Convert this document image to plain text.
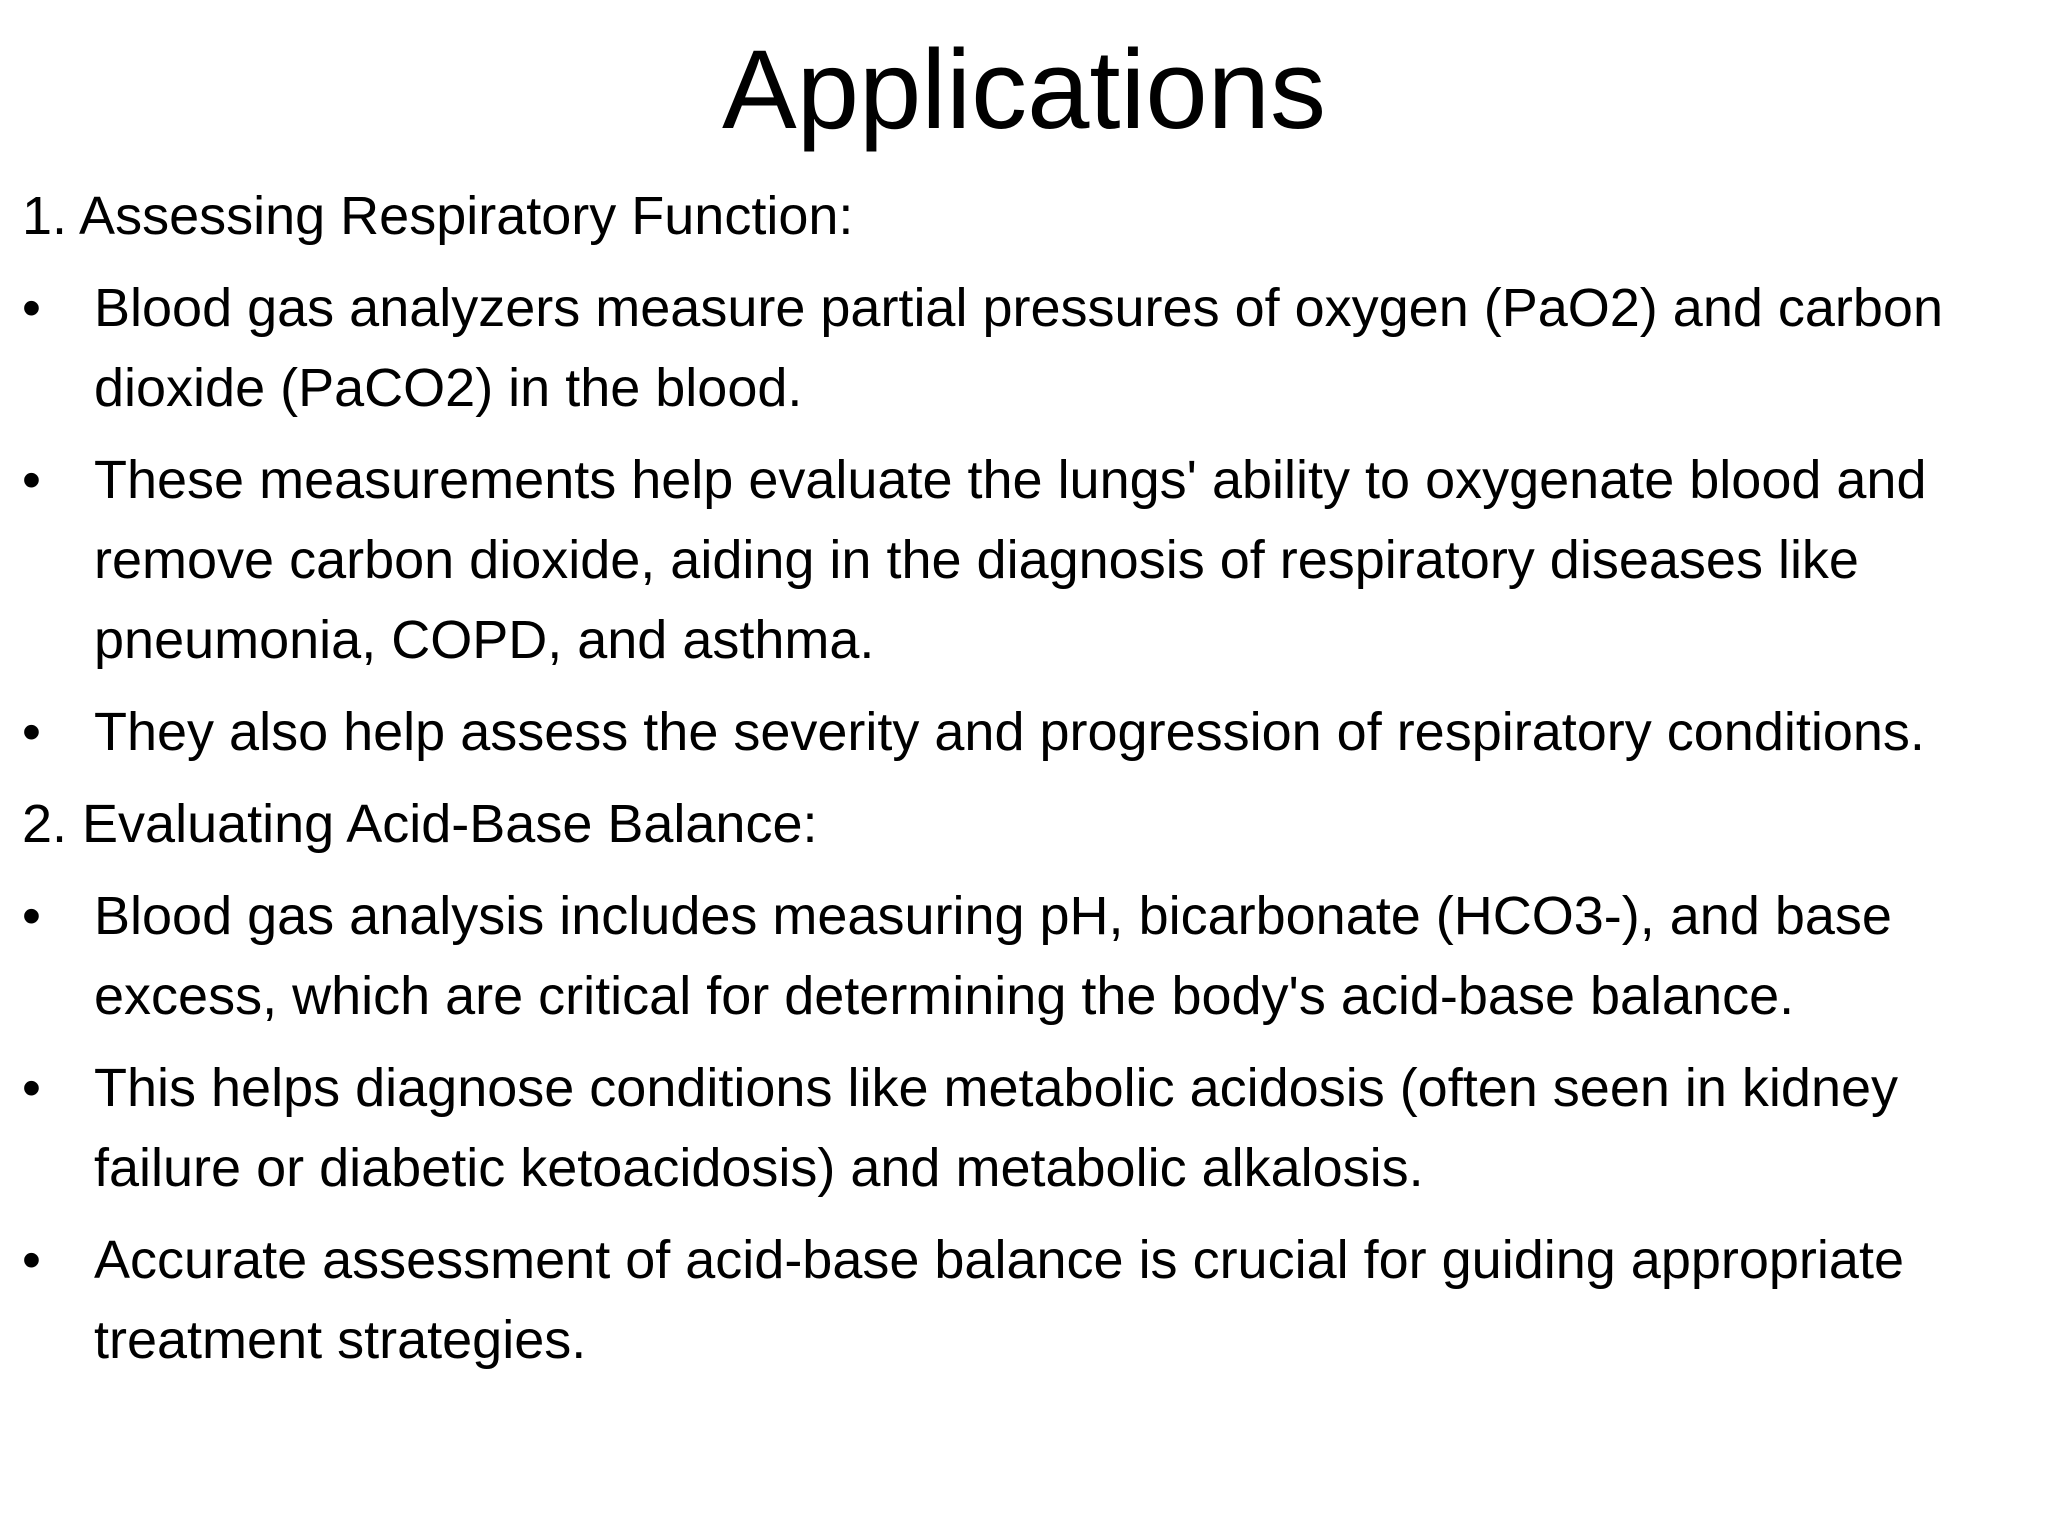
Applications

1. Assessing Respiratory Function:

• Blood gas analyzers measure partial pressures of oxygen (PaO2) and carbon dioxide (PaCO2) in the blood.
• These measurements help evaluate the lungs' ability to oxygenate blood and remove carbon dioxide, aiding in the diagnosis of respiratory diseases like pneumonia, COPD, and asthma.
• They also help assess the severity and progression of respiratory conditions.

2. Evaluating Acid-Base Balance:

• Blood gas analysis includes measuring pH, bicarbonate (HCO3-), and base excess, which are critical for determining the body's acid-base balance.
• This helps diagnose conditions like metabolic acidosis (often seen in kidney failure or diabetic ketoacidosis) and metabolic alkalosis.
• Accurate assessment of acid-base balance is crucial for guiding appropriate treatment strategies.
